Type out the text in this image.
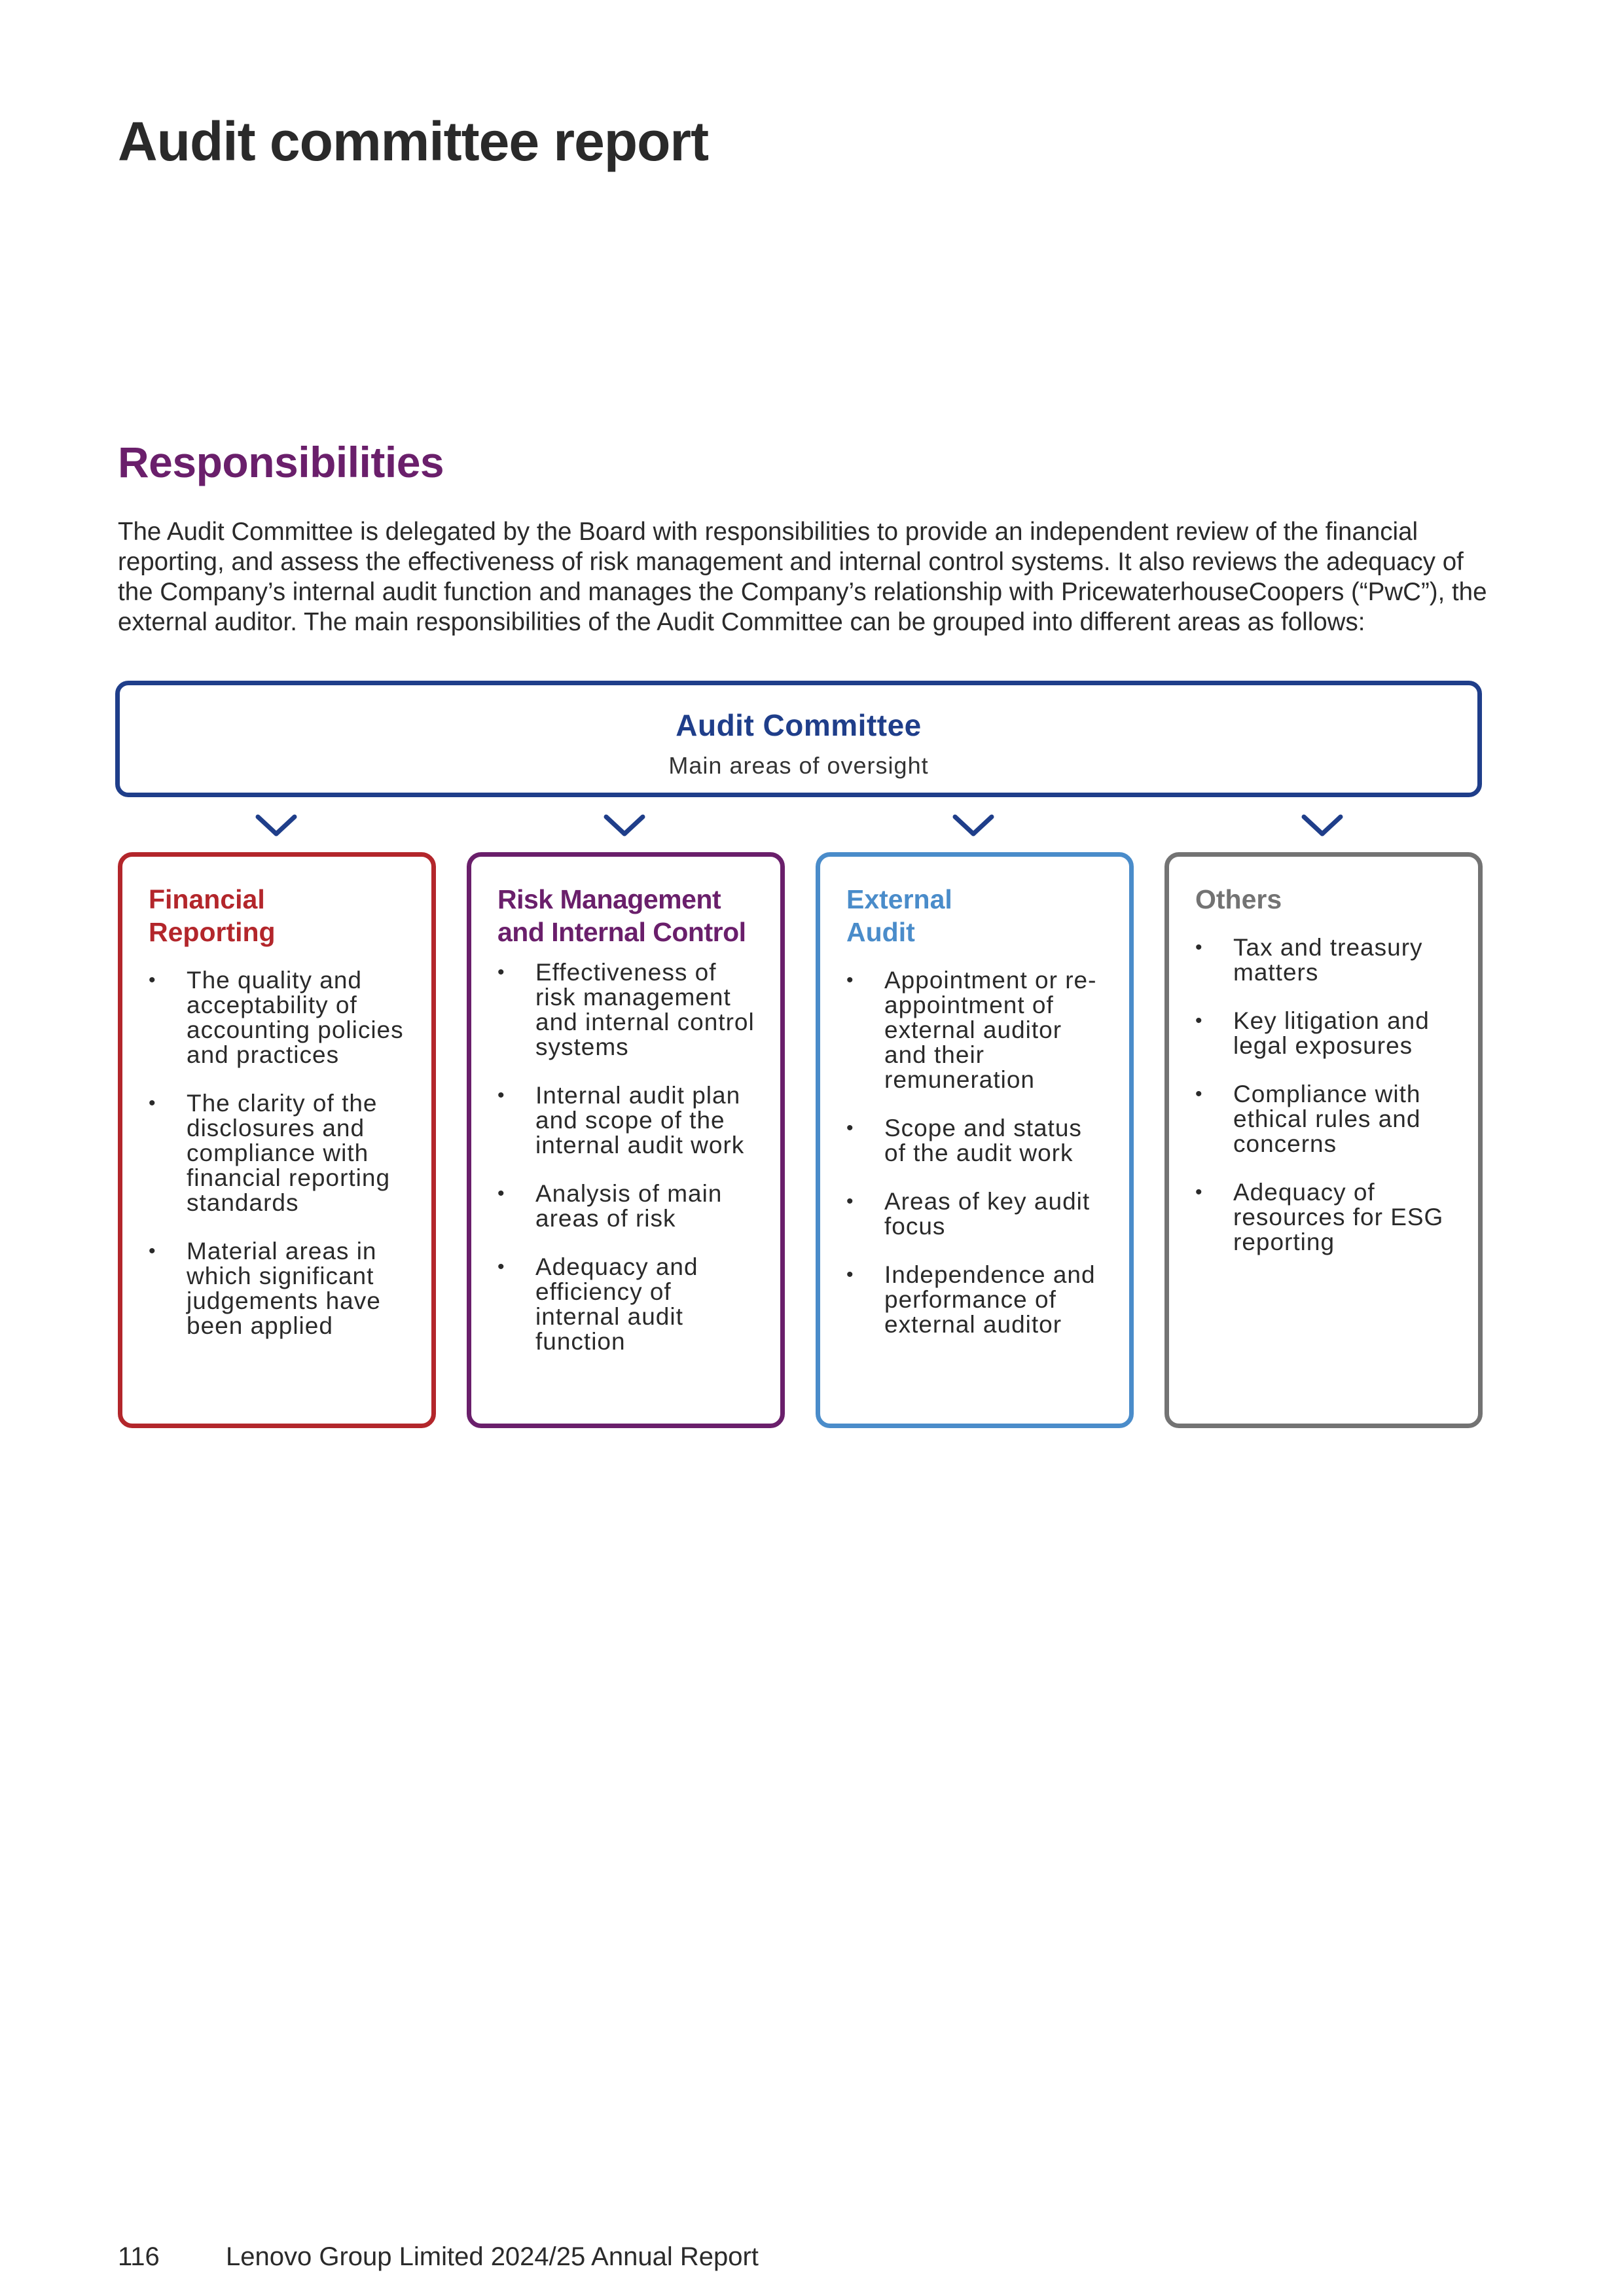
Audit committee report
Responsibilities

The Audit Committee is delegated by the Board with responsibilities to provide an independent review of the financial reporting, and assess the effectiveness of risk management and internal control systems. It also reviews the adequacy of the Company’s internal audit function and manages the Company’s relationship with PricewaterhouseCoopers (“PwC”), the external auditor. The main responsibilities of the Audit Committee can be grouped into different areas as follows:

Audit Committee
Main areas of oversight
Financial
Reporting
• The quality and acceptability of accounting policies and practices
• The clarity of the disclosures and compliance with financial reporting standards
• Material areas in which significant judgements have been applied
Risk Management
and Internal Control
• Effectiveness of risk management and internal control systems
• Internal audit plan and scope of the internal audit work
• Analysis of main areas of risk
• Adequacy and efficiency of internal audit function
External
Audit
• Appointment or re-appointment of external auditor and their remuneration
• Scope and status of the audit work
• Areas of key audit focus
• Independence and performance of external auditor
Others

• Tax and treasury matters
• Key litigation and legal exposures
• Compliance with ethical rules and concerns
• Adequacy of resources for ESG reporting
116	Lenovo Group Limited 2024/25 Annual Report
